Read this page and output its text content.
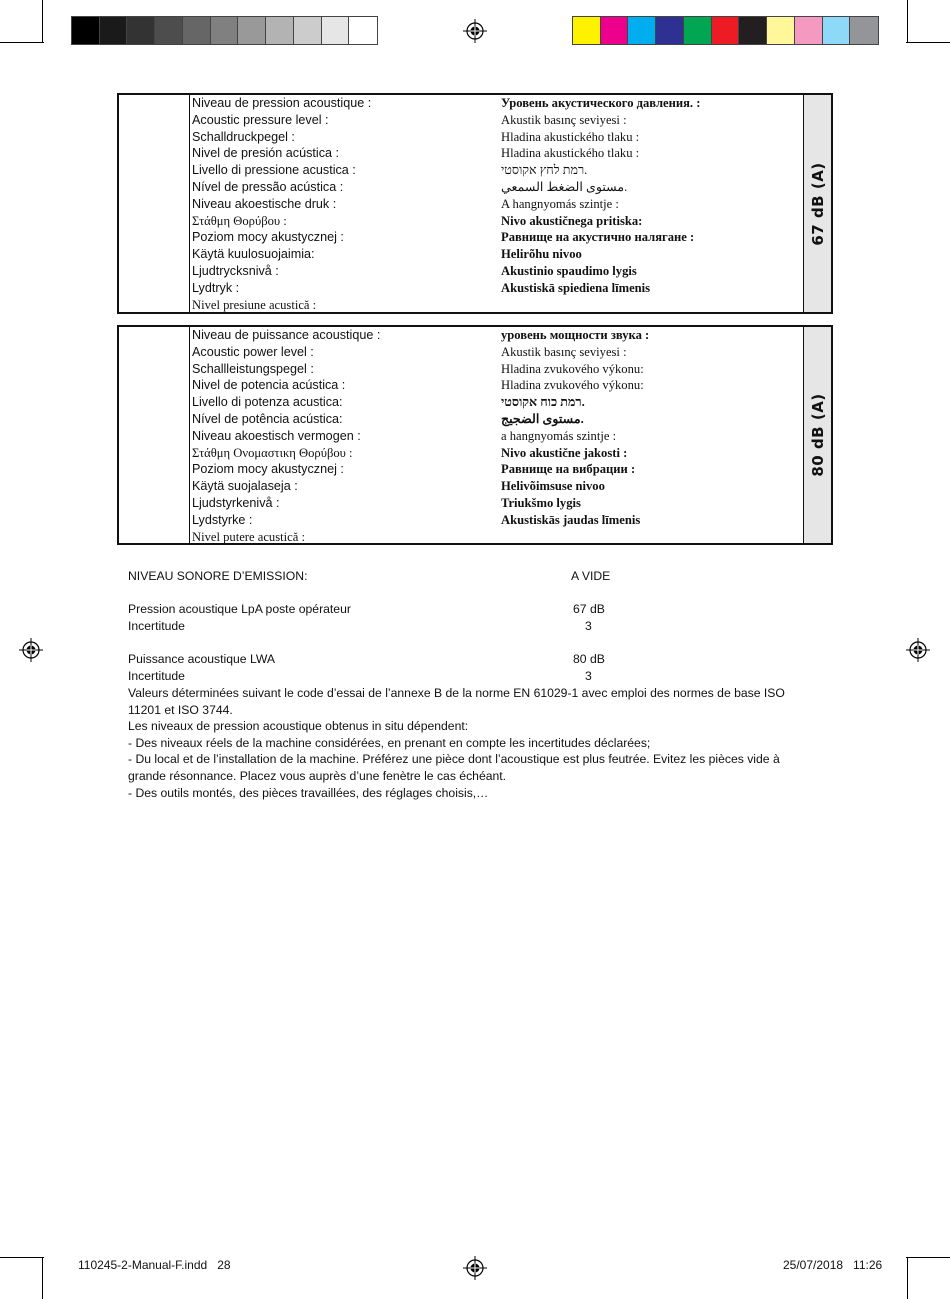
Niveau de pression acoustique :	Уровень акустического давления. :
Acoustic pressure level :	Akustik basınç seviyesi :
Schalldruckpegel :	Hladina akustického tlaku :
Nivel de presión acústica :	Hladina akustického tlaku :
Livello di pressione acustica :	רמת לחץ אקוסטי.
Nível de pressão acústica :	مستوى الضغط السمعي.
Niveau akoestische druk :	A hangnyomás szintje :
Στάθμη Θορύβου :	Nivo akustičnega pritiska:
Poziom mocy akustycznej :	Равнище на акустично налягане :
Käytä kuulosuojaimia:	Helirõhu nivoo
Ljudtrycksnivå :	Akustinio spaudimo lygis
Lydtryk :	Akustiskā spiediena līmenis
Nivel presiune acustică :
67 dB (A)
Niveau de puissance acoustique :	уровень мощности звука :
Acoustic power level :	Akustik basınç seviyesi :
Schallleistungspegel :	Hladina zvukového výkonu:
Nivel de potencia acústica :	Hladina zvukového výkonu:
Livello di potenza acustica:	רמת כוח אקוסטי.
Nível de potência acústica:	مستوى الضجيج.
Niveau akoestisch vermogen :	a hangnyomás szintje :
Στάθμη Ονομαστικη Θορύβου :	Nivo akustične jakosti :
Poziom mocy akustycznej :	Равнище на вибрации :
Käytä suojalaseja :	Helivõimsuse nivoo
Ljudstyrkenivå :	Triukšmo lygis
Lydstyrke :	Akustiskās jaudas līmenis
Nivel putere acustică :
80 dB (A)
NIVEAU SONORE D’EMISSION:	A VIDE
Pression acoustique LpA poste opérateur	67 dB
Incertitude	3
Puissance acoustique LWA	80 dB
Incertitude	3

Valeurs déterminées suivant le code d’essai de l’annexe B de la norme EN 61029-1 avec emploi des normes de base ISO 11201 et ISO 3744.

Les niveaux de pression acoustique obtenus in situ dépendent:

- Des niveaux réels de la machine considérées, en prenant en compte les incertitudes déclarées;

- Du local et de l’installation de la machine. Préférez une pièce dont l’acoustique est plus feutrée. Evitez les pièces vide à grande résonnance. Placez vous auprès d’une fenètre le cas échéant.

- Des outils montés, des pièces travaillées, des réglages choisis,…

110245-2-Manual-F.indd   28	25/07/2018   11:26
